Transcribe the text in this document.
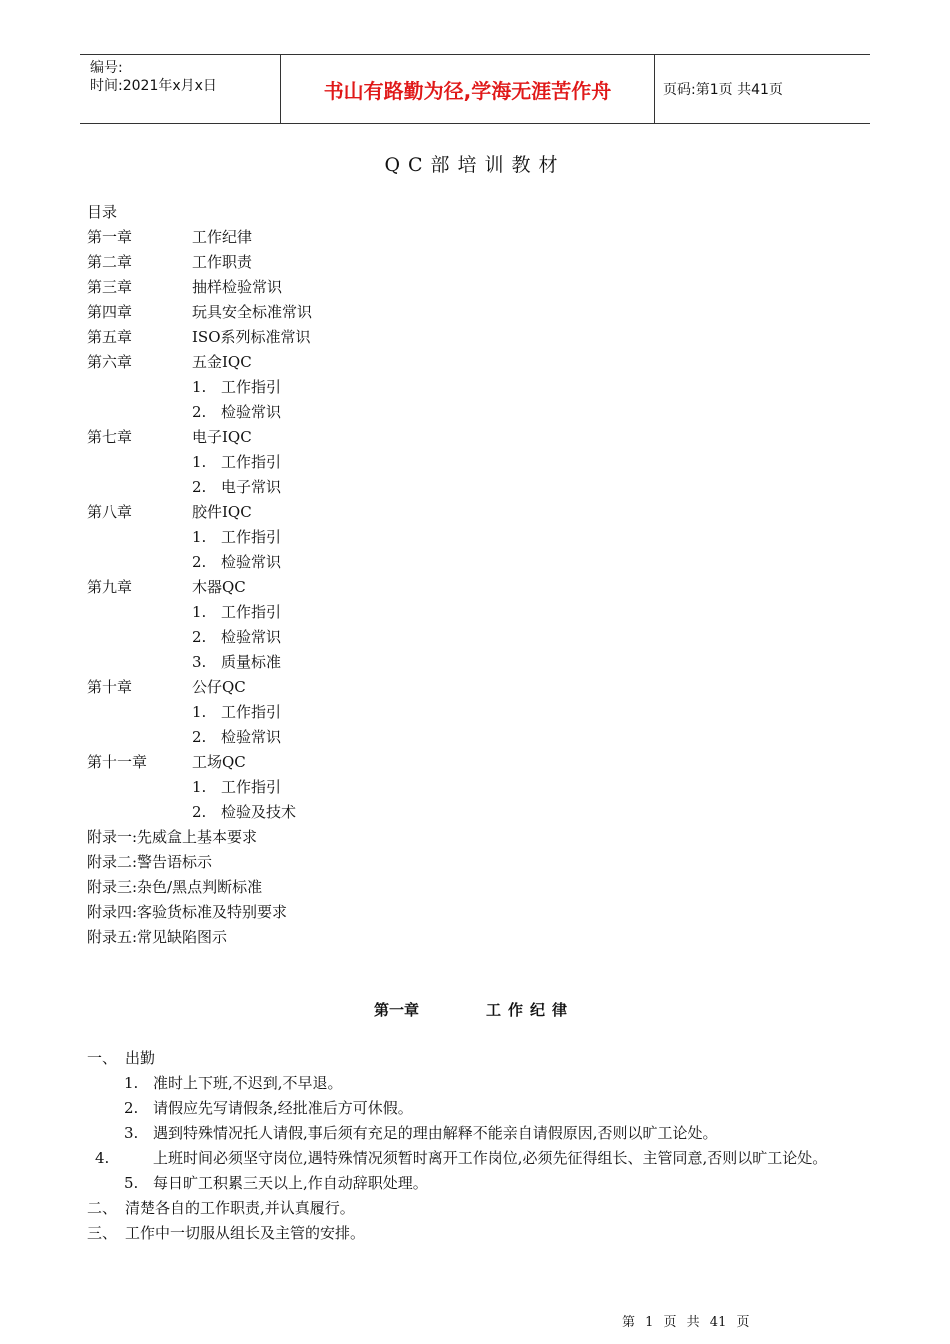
编号:
时间:2021年x月x日	书山有路勤为径,学海无涯苦作舟	页码:第1页 共41页
QC部培训教材
目录
第一章	工作纪律
第二章	工作职责
第三章	抽样检验常识
第四章	玩具安全标准常识
第五章	ISO系列标准常识
第六章	五金IQC
1. 工作指引
2. 检验常识
第七章	电子IQC
1. 工作指引
2. 电子常识
第八章	胶件IQC
1. 工作指引
2. 检验常识
第九章	木器QC
1. 工作指引
2. 检验常识
3. 质量标准
第十章	公仔QC
1. 工作指引
2. 检验常识
第十一章	工场QC
1. 工作指引
2. 检验及技术
附录一:先威盒上基本要求
附录二:警告语标示
附录三:杂色/黑点判断标准
附录四:客验货标准及特别要求
附录五:常见缺陷图示
第一章	工作纪律
一、 出勤
1. 准时上下班,不迟到,不早退。
2. 请假应先写请假条,经批准后方可休假。
3. 遇到特殊情况托人请假,事后须有充足的理由解释不能亲自请假原因,否则以旷工论处。
4.	上班时间必须坚守岗位,遇特殊情况须暂时离开工作岗位,必须先征得组长、主管同意,否则以旷工论处。
5. 每日旷工积累三天以上,作自动辞职处理。
二、 清楚各自的工作职责,并认真履行。
三、 工作中一切服从组长及主管的安排。
第 1 页 共 41 页
